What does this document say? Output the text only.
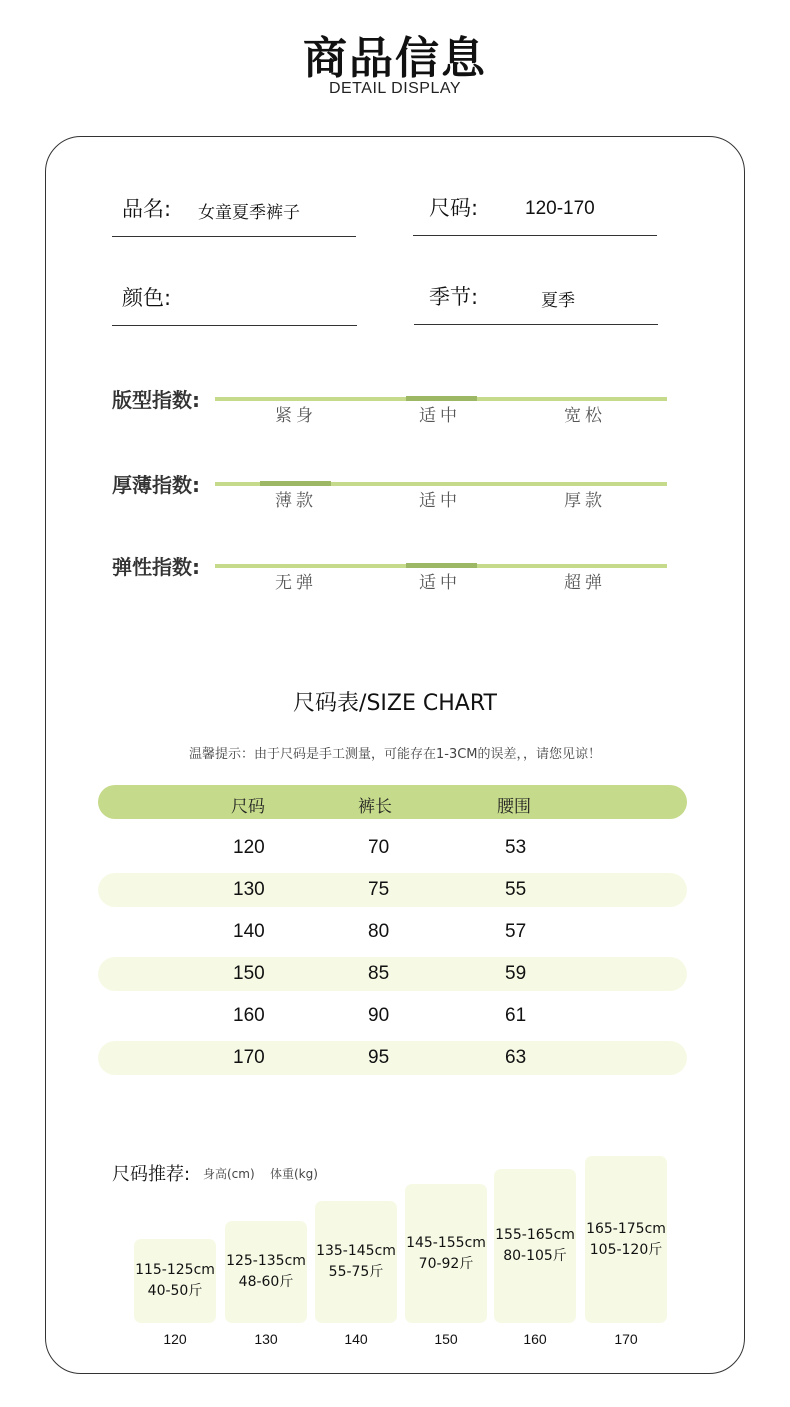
商品信息
DETAIL DISPLAY
品名: 女童夏季裤子	尺码: 120-170
颜色:	季节:	夏季
版型指数:
紧身	适中	宽松
厚薄指数:
薄款	适中	厚款
弹性指数:
无弹	适中	超弹
尺码表/SIZE CHART
温馨提示：由于尺码是手工测量，可能存在1-3CM的误差，，请您见谅！
尺码	裤长	腰围
120	70	53
130	75	55
140	80	57
150	85	59
160	90	61
170	95	63
尺码推荐: 身高(cm) 体重(kg)
115-125cm
40-50斤
120
125-135cm
48-60斤
130
135-145cm
55-75斤
140
145-155cm
70-92斤
150
155-165cm
80-105斤
160
165-175cm
105-120斤
170
